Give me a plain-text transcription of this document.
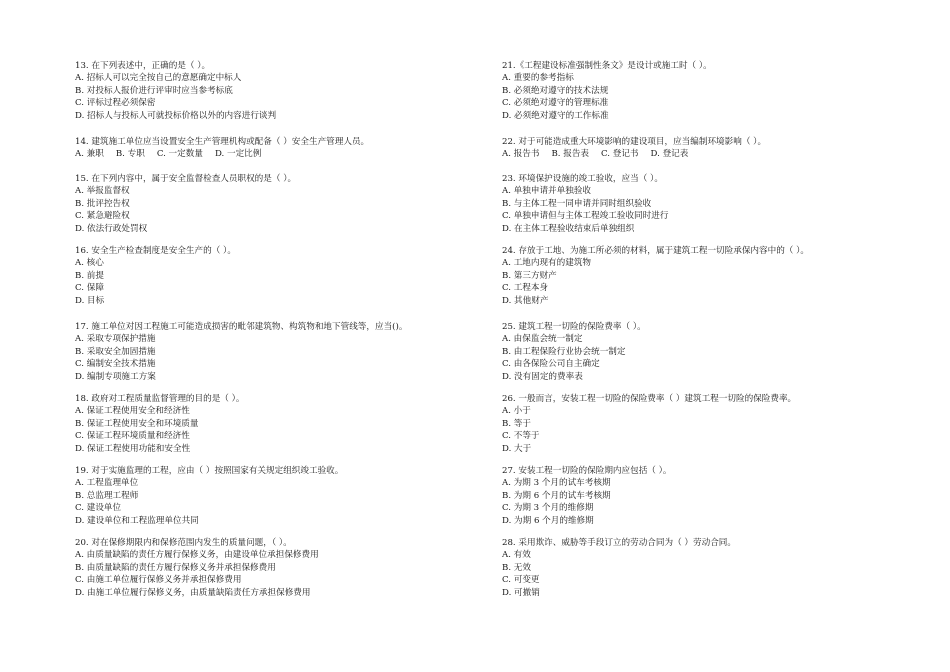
13. 在下列表述中，正确的是（ ）。
A. 招标人可以完全按自己的意愿确定中标人
B. 对投标人报价进行评审时应当参考标底
C. 评标过程必须保密
D. 招标人与投标人可就投标价格以外的内容进行谈判
14. 建筑施工单位应当设置安全生产管理机构或配备（ ）安全生产管理人员。
A. 兼职 B. 专职 C. 一定数量 D. 一定比例
15. 在下列内容中，属于安全监督检查人员职权的是（ ）。
A. 举报监督权
B. 批评控告权
C. 紧急避险权
D. 依法行政处罚权
16. 安全生产检查制度是安全生产的（ ）。
A. 核心
B. 前提
C. 保障
D. 目标
17. 施工单位对因工程施工可能造成损害的毗邻建筑物、构筑物和地下管线等，应当()。
A. 采取专项保护措施
B. 采取安全加固措施
C. 编制安全技术措施
D. 编制专项施工方案
18. 政府对工程质量监督管理的目的是（ ）。
A. 保证工程使用安全和经济性
B. 保证工程使用安全和环境质量
C. 保证工程环境质量和经济性
D. 保证工程使用功能和安全性
19. 对于实施监理的工程，应由（ ）按照国家有关规定组织竣工验收。
A. 工程监理单位
B. 总监理工程师
C. 建设单位
D. 建设单位和工程监理单位共同
20. 对在保修期限内和保修范围内发生的质量问题，（ ）。
A. 由质量缺陷的责任方履行保修义务，由建设单位承担保修费用
B. 由质量缺陷的责任方履行保修义务并承担保修费用
C. 由施工单位履行保修义务并承担保修费用
D. 由施工单位履行保修义务，由质量缺陷责任方承担保修费用
21.《工程建设标准强制性条文》是设计或施工时（ ）。
A. 重要的参考指标
B. 必须绝对遵守的技术法规
C. 必须绝对遵守的管理标准
D. 必须绝对遵守的工作标准
22. 对于可能造成重大环境影响的建设项目，应当编制环境影响（ ）。
A. 报告书 B. 报告表 C. 登记书 D. 登记表
23. 环境保护设施的竣工验收，应当（ ）。
A. 单独申请并单独验收
B. 与主体工程一同申请并同时组织验收
C. 单独申请但与主体工程竣工验收同时进行
D. 在主体工程验收结束后单独组织
24. 存放于工地、为施工所必须的材料，属于建筑工程一切险承保内容中的（ ）。
A. 工地内现有的建筑物
B. 第三方财产
C. 工程本身
D. 其他财产
25. 建筑工程一切险的保险费率（ ）。
A. 由保监会统一制定
B. 由工程保险行业协会统一制定
C. 由各保险公司自主确定
D. 没有固定的费率表
26. 一般而言，安装工程一切险的保险费率（ ）建筑工程一切险的保险费率。
A. 小于
B. 等于
C. 不等于
D. 大于
27. 安装工程一切险的保险期内应包括（ ）。
A. 为期 3 个月的试车考核期
B. 为期 6 个月的试车考核期
C. 为期 3 个月的维修期
D. 为期 6 个月的维修期
28. 采用欺诈、威胁等手段订立的劳动合同为（ ）劳动合同。
A. 有效
B. 无效
C. 可变更
D. 可撤销
